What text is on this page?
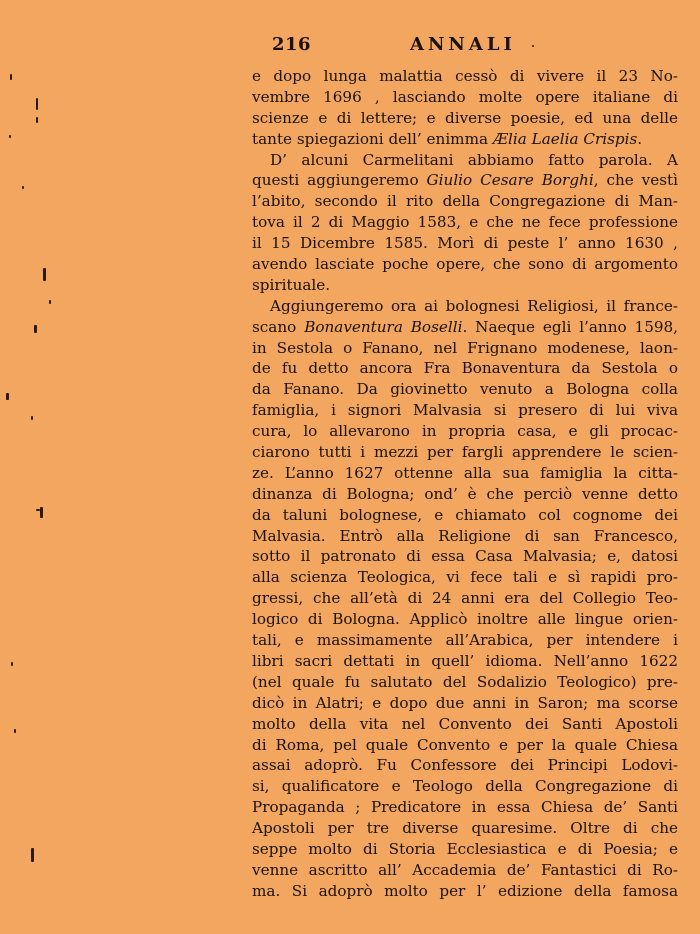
216	ANNALI
e dopo lunga malattia cessò di vivere il 23 No-
vembre 1696 , lasciando molte opere italiane di
scienze e di lettere; e diverse poesie, ed una delle
tante spiegazioni dell’ enimma Ælia Laelia Crispis.
D’ alcuni Carmelitani abbiamo fatto parola. A
questi aggiungeremo Giulio Cesare Borghi, che vestì
l’abito, secondo il rito della Congregazione di Man-
tova il 2 di Maggio 1583, e che ne fece professione
il 15 Dicembre 1585. Morì di peste l’ anno 1630 ,
avendo lasciate poche opere, che sono di argomento
spirituale.
Aggiungeremo ora ai bolognesi Religiosi, il france-
scano Bonaventura Boselli. Naeque egli l’anno 1598,
in Sestola o Fanano, nel Frignano modenese, laon-
de fu detto ancora Fra Bonaventura da Sestola o
da Fanano. Da giovinetto venuto a Bologna colla
famiglia, i signori Malvasia si presero di lui viva
cura, lo allevarono in propria casa, e gli procac-
ciarono tutti i mezzi per fargli apprendere le scien-
ze. L’anno 1627 ottenne alla sua famiglia la citta-
dinanza di Bologna; ond’ è che perciò venne detto
da taluni bolognese, e chiamato col cognome dei
Malvasia. Entrò alla Religione di san Francesco,
sotto il patronato di essa Casa Malvasia; e, datosi
alla scienza Teologica, vi fece tali e sì rapidi pro-
gressi, che all’età di 24 anni era del Collegio Teo-
logico di Bologna. Applicò inoltre alle lingue orien-
tali, e massimamente all’Arabica, per intendere i
libri sacri dettati in quell’ idioma. Nell’anno 1622
(nel quale fu salutato del Sodalizio Teologico) pre-
dicò in Alatri; e dopo due anni in Saron; ma scorse
molto della vita nel Convento dei Santi Apostoli
di Roma, pel quale Convento e per la quale Chiesa
assai adoprò. Fu Confessore dei Principi Lodovi-
si, qualificatore e Teologo della Congregazione di
Propaganda ; Predicatore in essa Chiesa de’ Santi
Apostoli per tre diverse quaresime. Oltre di che
seppe molto di Storia Ecclesiastica e di Poesia; e
venne ascritto all’ Accademia de’ Fantastici di Ro-
ma. Si adoprò molto per l’ edizione della famosa
